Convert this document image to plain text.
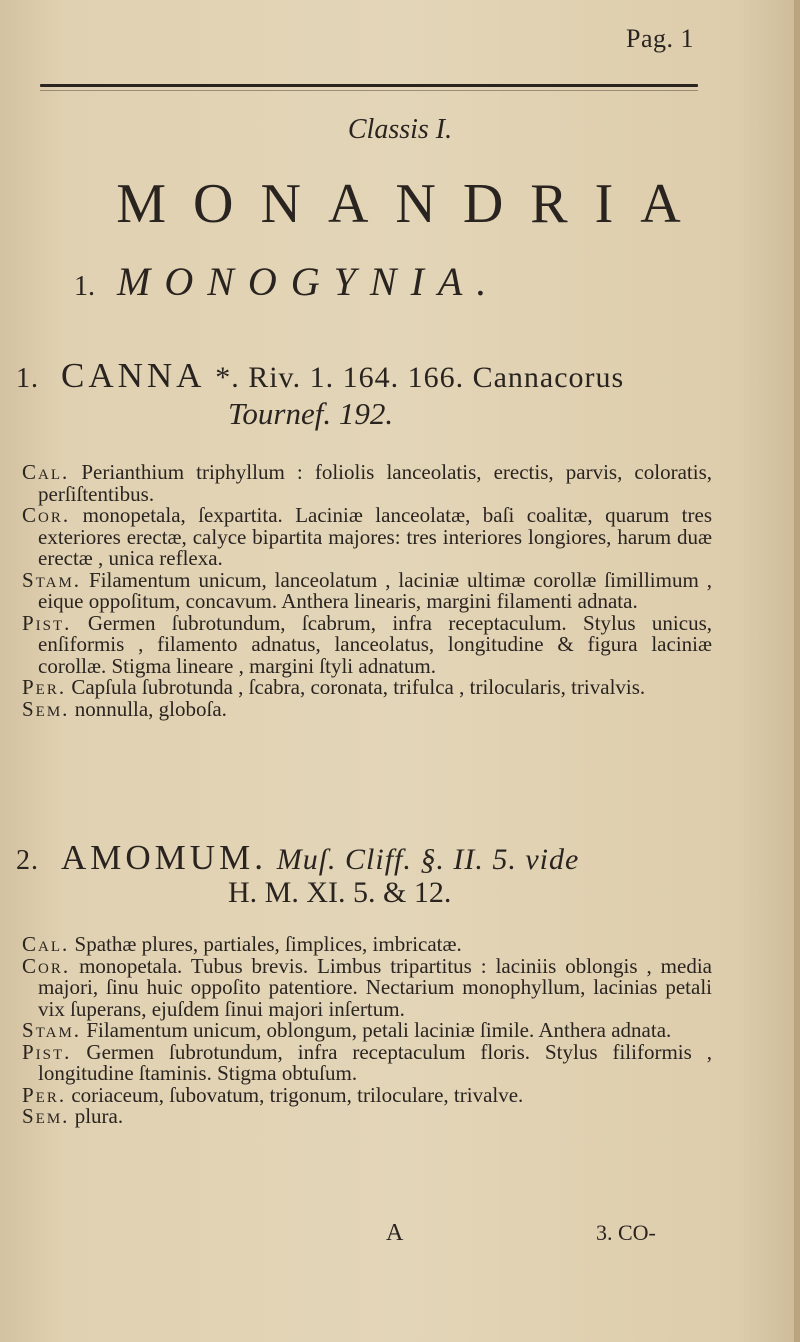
Pag. 1
Classis I.
MONANDRIA
1. MONOGYNIA.
1. CANNA *. Riv. 1. 164. 166. Cannacorus
Tournef. 192.

Cal. Perianthium triphyllum : foliolis lanceolatis, erectis, parvis, coloratis, perſiſtentibus.

Cor. monopetala, ſexpartita. Laciniæ lanceolatæ, baſi coalitæ, quarum tres exteriores erectæ, calyce bipartita majores: tres interiores longiores, harum duæ erectæ , unica reflexa.

Stam. Filamentum unicum, lanceolatum , laciniæ ultimæ corollæ ſimillimum , eique oppoſitum, concavum. Anthera linearis, margini filamenti adnata.

Pist. Germen ſubrotundum, ſcabrum, infra receptaculum. Stylus unicus, enſiformis , filamento adnatus, lanceolatus, longitudine & figura laciniæ corollæ. Stigma lineare , margini ſtyli adnatum.

Per. Capſula ſubrotunda , ſcabra, coronata, trifulca , trilocularis, trivalvis.

Sem. nonnulla, globoſa.

2. AMOMUM. Muſ. Cliff. §. II. 5. vide
H. M. XI. 5. & 12.

Cal. Spathæ plures, partiales, ſimplices, imbricatæ.

Cor. monopetala. Tubus brevis. Limbus tripartitus : laciniis oblongis , media majori, ſinu huic oppoſito patentiore. Nectarium monophyllum, lacinias petali vix ſuperans, ejuſdem ſinui majori inſertum.

Stam. Filamentum unicum, oblongum, petali laciniæ ſimile. Anthera adnata.

Pist. Germen ſubrotundum, infra receptaculum floris. Stylus filiformis , longitudine ſtaminis. Stigma obtuſum.

Per. coriaceum, ſubovatum, trigonum, triloculare, trivalve.

Sem. plura.

A	3. CO-
